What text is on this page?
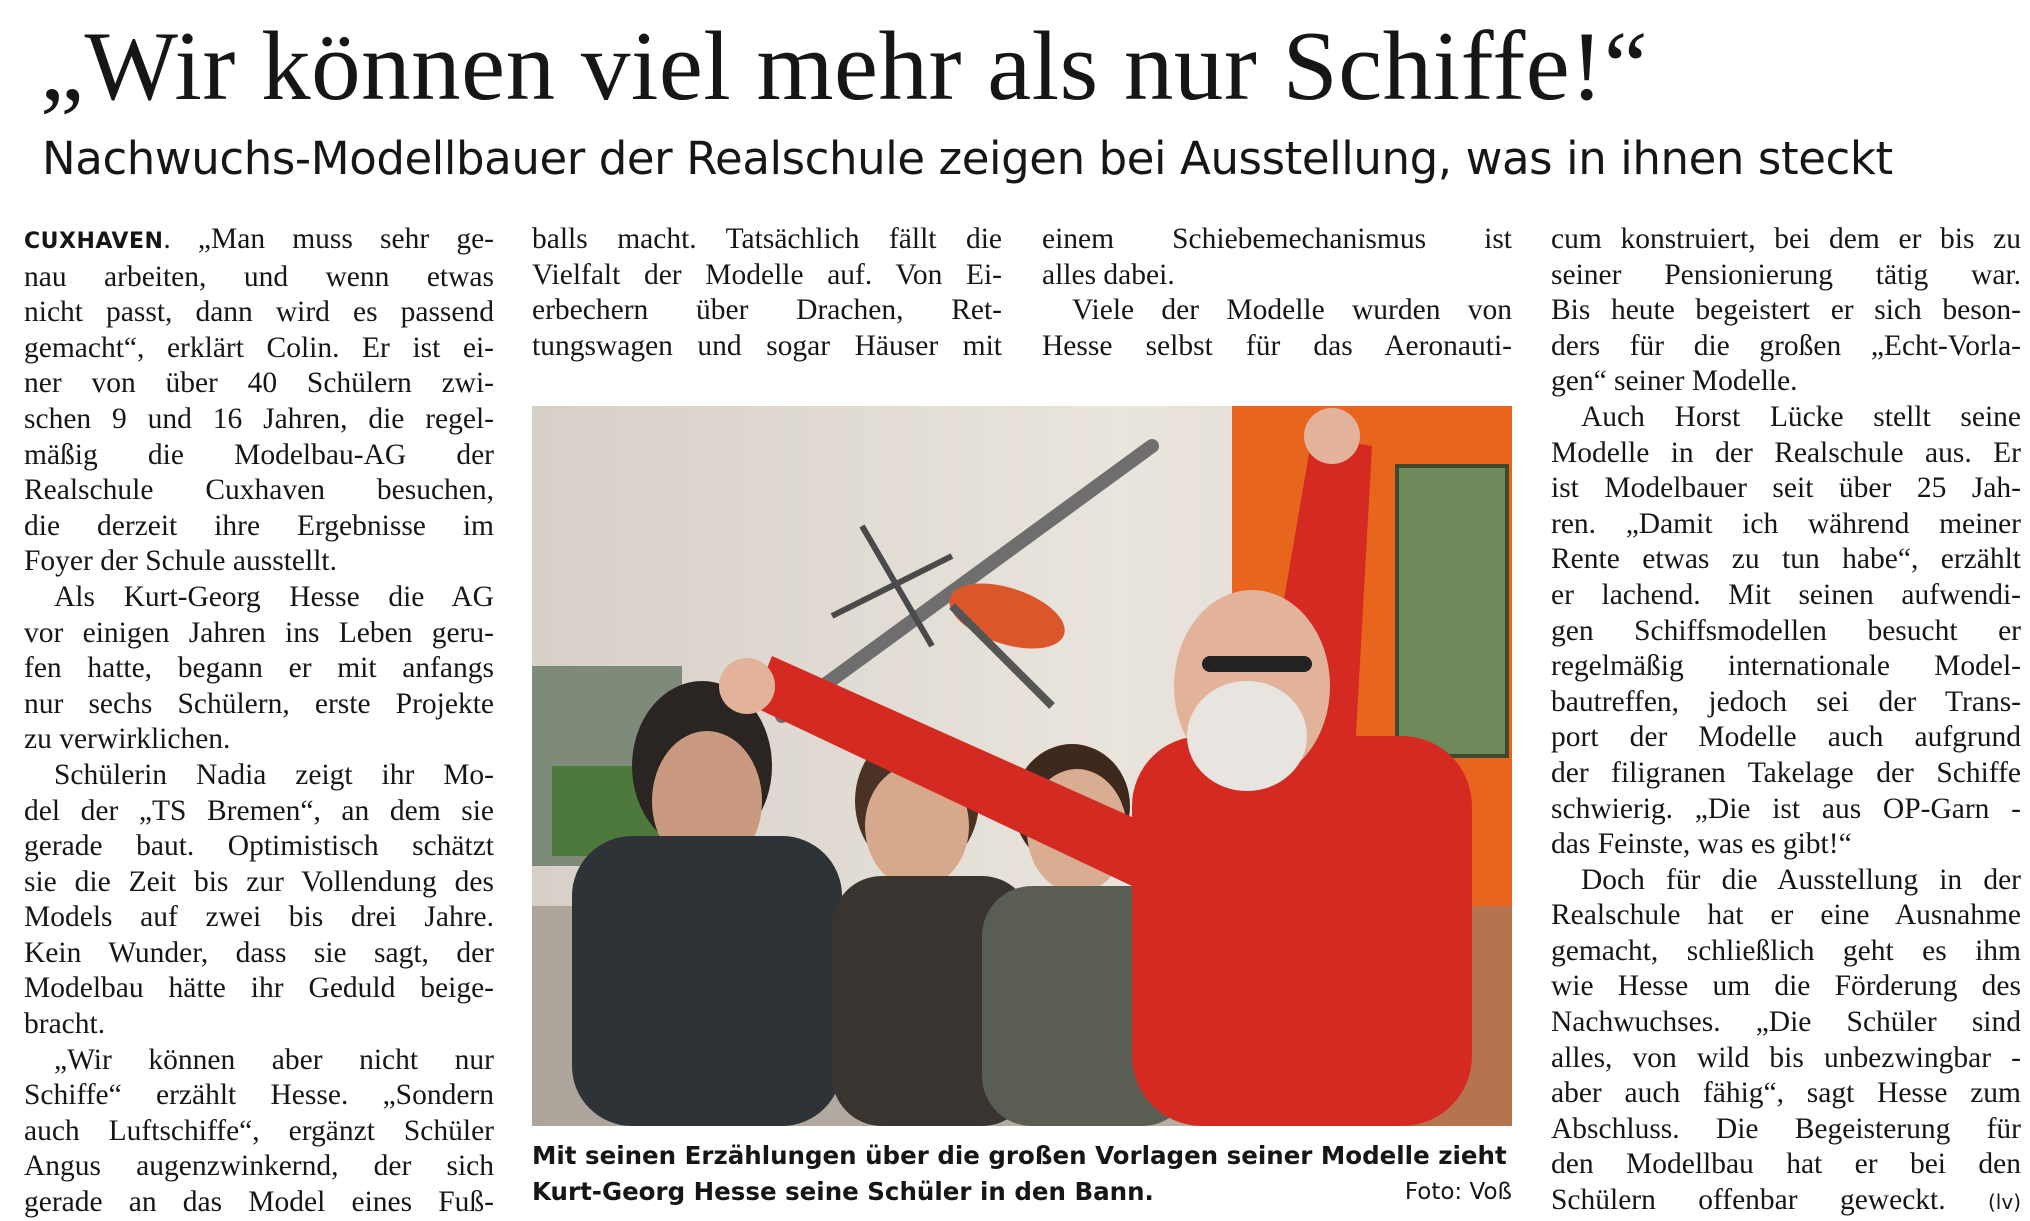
„Wir können viel mehr als nur Schiffe!“
Nachwuchs-Modellbauer der Realschule zeigen bei Ausstellung, was in ihnen steckt

CUXHAVEN. „Man muss sehr ge-
nau arbeiten, und wenn etwas
nicht passt, dann wird es passend
gemacht“, erklärt Colin. Er ist ei-
ner von über 40 Schülern zwi-
schen 9 und 16 Jahren, die regel-
mäßig die Modelbau-AG der
Realschule Cuxhaven besuchen,
die derzeit ihre Ergebnisse im
Foyer der Schule ausstellt.

Als Kurt-Georg Hesse die AG
vor einigen Jahren ins Leben geru-
fen hatte, begann er mit anfangs
nur sechs Schülern, erste Projekte
zu verwirklichen.

Schülerin Nadia zeigt ihr Mo-
del der „TS Bremen“, an dem sie
gerade baut. Optimistisch schätzt
sie die Zeit bis zur Vollendung des
Models auf zwei bis drei Jahre.
Kein Wunder, dass sie sagt, der
Modelbau hätte ihr Geduld beige-
bracht.

„Wir können aber nicht nur
Schiffe“ erzählt Hesse. „Sondern
auch Luftschiffe“, ergänzt Schüler
Angus augenzwinkernd, der sich
gerade an das Model eines Fuß-

balls macht. Tatsächlich fällt die
Vielfalt der Modelle auf. Von Ei-
erbechern über Drachen, Ret-
tungswagen und sogar Häuser mit

einem Schiebemechanismus ist
alles dabei.

Viele der Modelle wurden von
Hesse selbst für das Aeronauti-

cum konstruiert, bei dem er bis zu
seiner Pensionierung tätig war.
Bis heute begeistert er sich beson-
ders für die großen „Echt-Vorla-
gen“ seiner Modelle.

Auch Horst Lücke stellt seine
Modelle in der Realschule aus. Er
ist Modelbauer seit über 25 Jah-
ren. „Damit ich während meiner
Rente etwas zu tun habe“, erzählt
er lachend. Mit seinen aufwendi-
gen Schiffsmodellen besucht er
regelmäßig internationale Model-
bautreffen, jedoch sei der Trans-
port der Modelle auch aufgrund
der filigranen Takelage der Schiffe
schwierig. „Die ist aus OP-Garn -
das Feinste, was es gibt!“

Doch für die Ausstellung in der
Realschule hat er eine Ausnahme
gemacht, schließlich geht es ihm
wie Hesse um die Förderung des
Nachwuchses. „Die Schüler sind
alles, von wild bis unbezwingbar -
aber auch fähig“, sagt Hesse zum
Abschluss. Die Begeisterung für
den Modellbau hat er bei den
Schülern offenbar geweckt. (lv)

Mit seinen Erzählungen über die großen Vorlagen seiner Modelle zieht
Kurt-Georg Hesse seine Schüler in den Bann.	Foto: Voß
